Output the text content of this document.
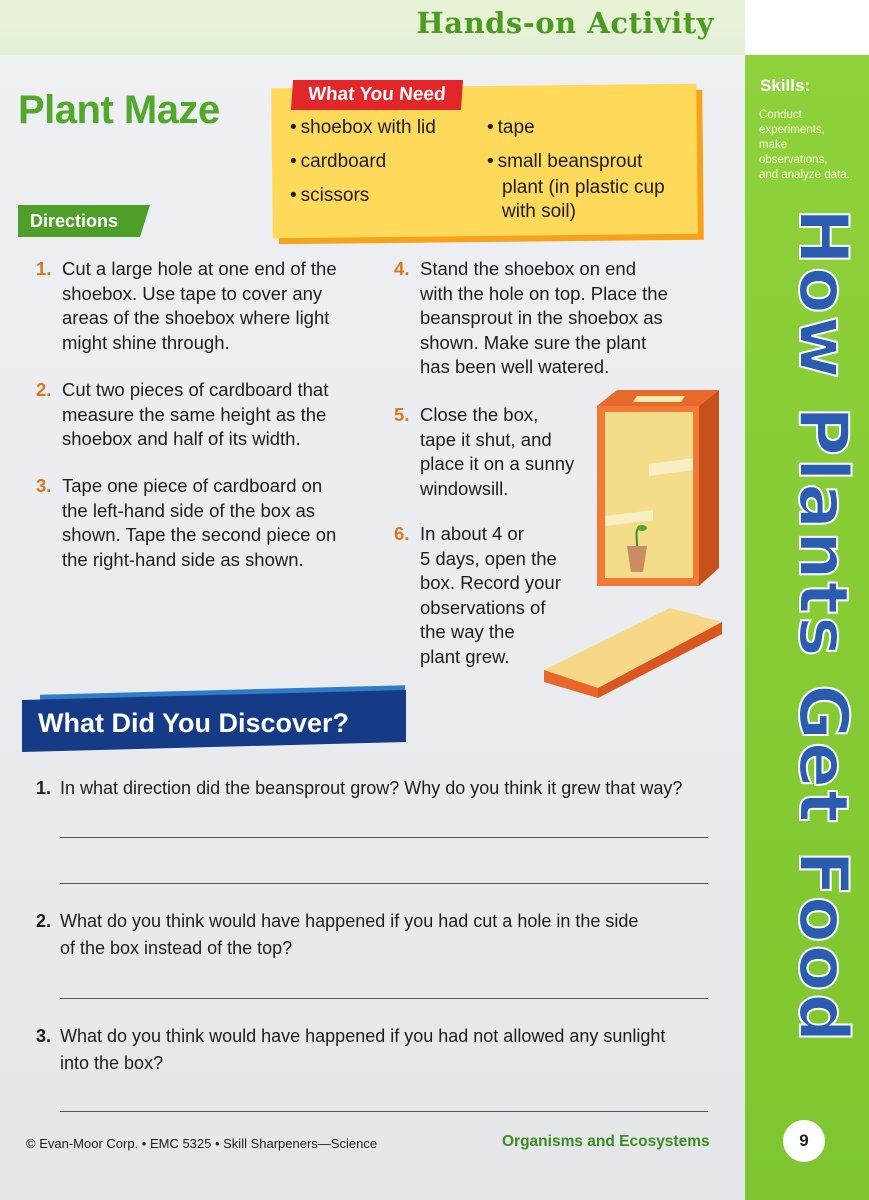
Hands-on Activity
Skills:
Conduct
experiments,
make
observations,
and analyze data.
How Plants Get Food
9
Plant Maze	What You Need
• shoebox with lid
• cardboard
• scissors
• tape
• small beansprout
plant (in plastic cup
with soil)
Directions
1. Cut a large hole at one end of the
shoebox. Use tape to cover any
areas of the shoebox where light
might shine through.
2. Cut two pieces of cardboard that
measure the same height as the
shoebox and half of its width.
3. Tape one piece of cardboard on
the left-hand side of the box as
shown. Tape the second piece on
the right-hand side as shown.
4. Stand the shoebox on end
with the hole on top. Place the
beansprout in the shoebox as
shown. Make sure the plant
has been well watered.
5. Close the box,
tape it shut, and
place it on a sunny
windowsill.
6. In about 4 or
5 days, open the
box. Record your
observations of
the way the
plant grew.
What Did You Discover?
1. In what direction did the beansprout grow? Why do you think it grew that way?
2. What do you think would have happened if you had cut a hole in the side
of the box instead of the top?
3. What do you think would have happened if you had not allowed any sunlight
into the box?
© Evan-Moor Corp. • EMC 5325 • Skill Sharpeners—Science	Organisms and Ecosystems
